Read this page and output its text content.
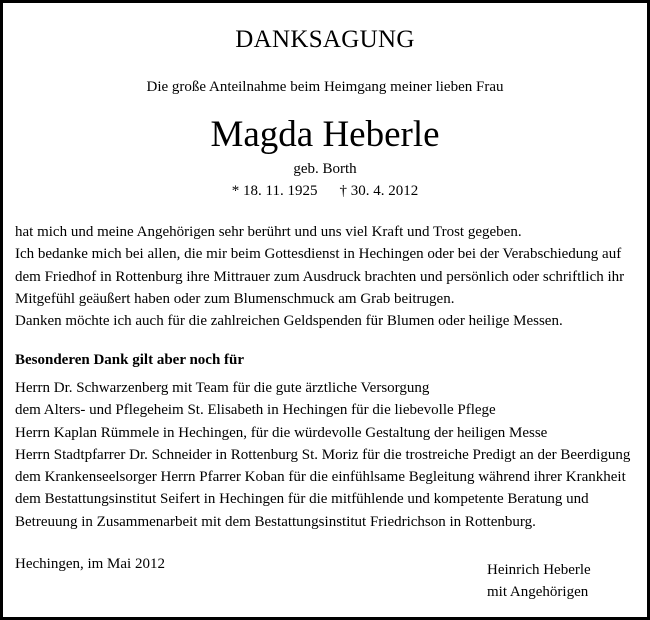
DANKSAGUNG
Die große Anteilnahme beim Heimgang meiner lieben Frau
Magda Heberle
geb. Borth
* 18. 11. 1925 † 30. 4. 2012
hat mich und meine Angehörigen sehr berührt und uns viel Kraft und Trost gegeben.
Ich bedanke mich bei allen, die mir beim Gottesdienst in Hechingen oder bei der Verabschiedung auf
dem Friedhof in Rottenburg ihre Mittrauer zum Ausdruck brachten und persönlich oder schriftlich ihr
Mitgefühl geäußert haben oder zum Blumenschmuck am Grab beitrugen.
Danken möchte ich auch für die zahlreichen Geldspenden für Blumen oder heilige Messen.
Besonderen Dank gilt aber noch für
Herrn Dr. Schwarzenberg mit Team für die gute ärztliche Versorgung
dem Alters- und Pflegeheim St. Elisabeth in Hechingen für die liebevolle Pflege
Herrn Kaplan Rümmele in Hechingen, für die würdevolle Gestaltung der heiligen Messe
Herrn Stadtpfarrer Dr. Schneider in Rottenburg St. Moriz für die trostreiche Predigt an der Beerdigung
dem Krankenseelsorger Herrn Pfarrer Koban für die einfühlsame Begleitung während ihrer Krankheit
dem Bestattungsinstitut Seifert in Hechingen für die mitfühlende und kompetente Beratung und
Betreuung in Zusammenarbeit mit dem Bestattungsinstitut Friedrichson in Rottenburg.
Hechingen, im Mai 2012	Heinrich Heberle
mit Angehörigen
